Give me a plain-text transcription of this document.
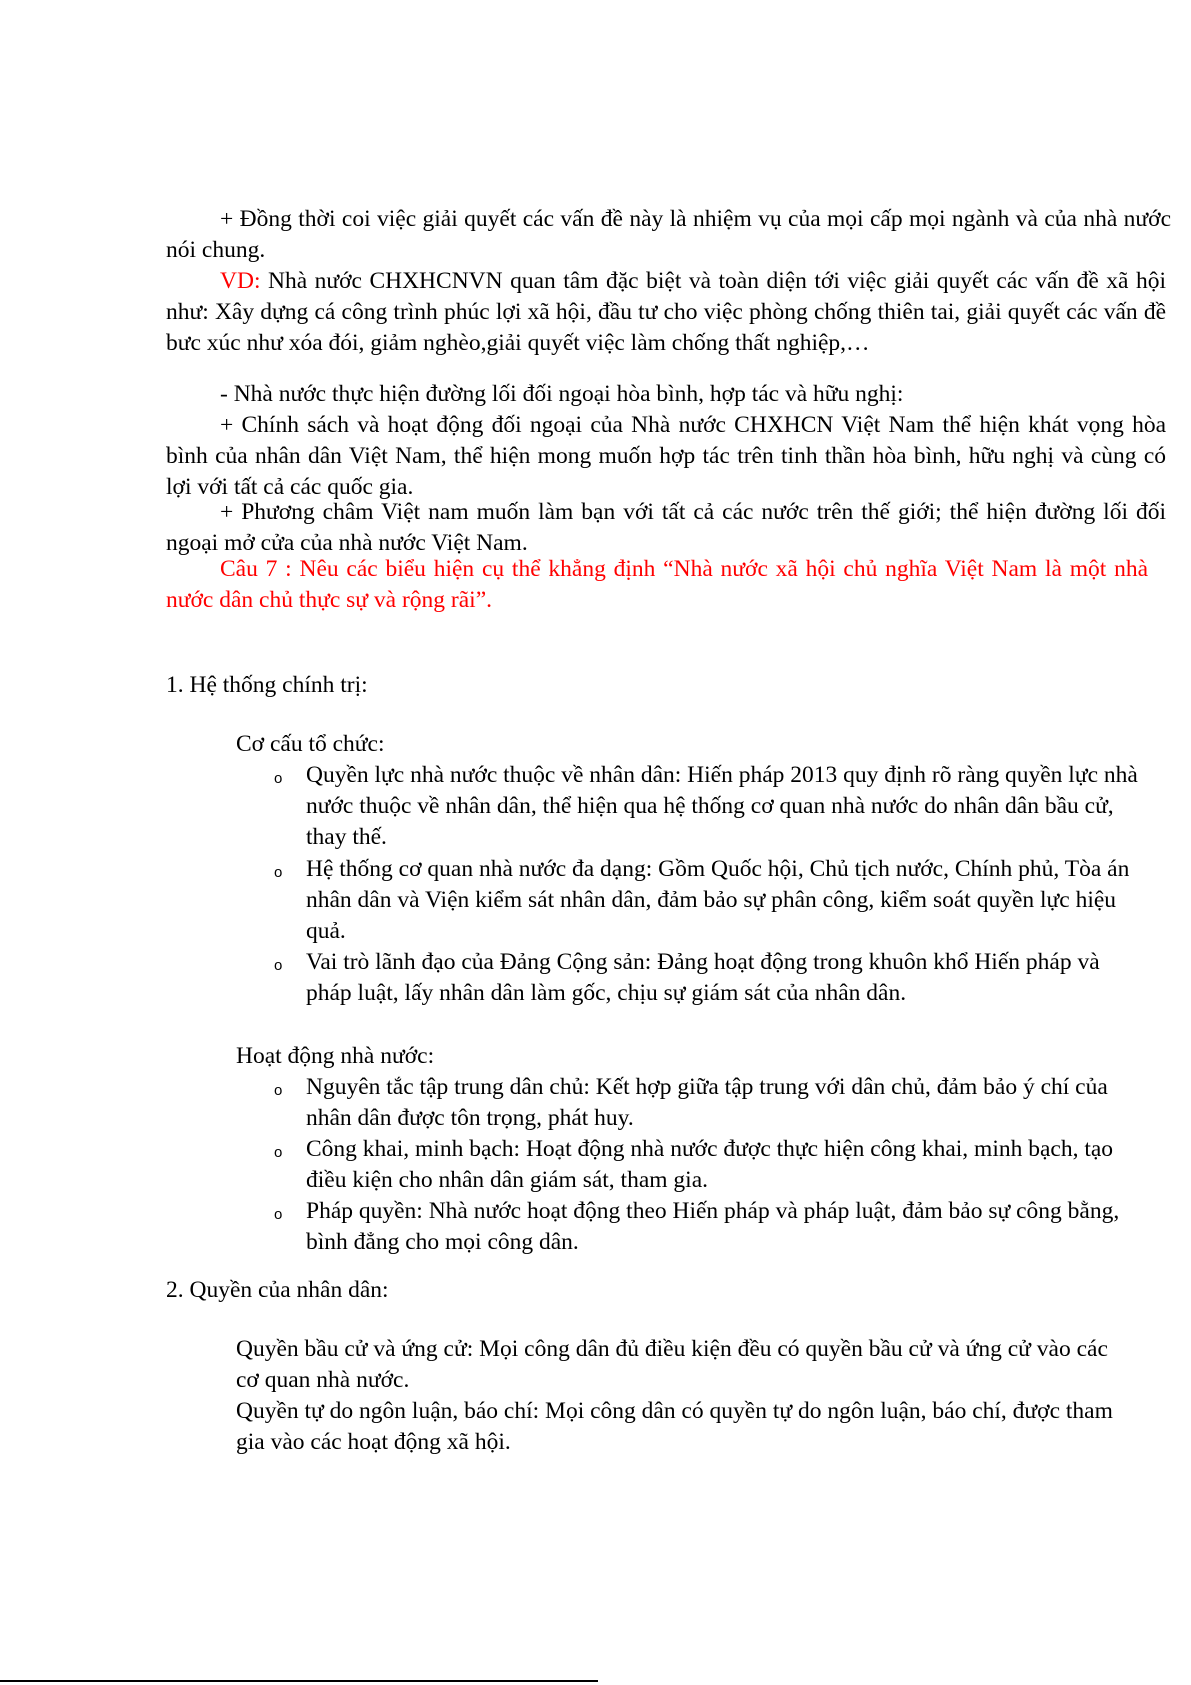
+ Đồng thời coi việc giải quyết các vấn đề này là nhiệm vụ của mọi cấp mọi ngành và của nhà nước nói chung.

VD: Nhà nước CHXHCNVN quan tâm đặc biệt và toàn diện tới việc giải quyết các vấn đề xã hội như: Xây dựng cá công trình phúc lợi xã hội, đầu tư cho việc phòng chống thiên tai, giải quyết các vấn đề bưc xúc như xóa đói, giảm nghèo,giải quyết việc làm chống thất nghiệp,…

- Nhà nước thực hiện đường lối đối ngoại hòa bình, hợp tác và hữu nghị:

+ Chính sách và hoạt động đối ngoại của Nhà nước CHXHCN Việt Nam thể hiện khát vọng hòa bình của nhân dân Việt Nam, thể hiện mong muốn hợp tác trên tinh thần hòa bình, hữu nghị và cùng có lợi với tất cả các quốc gia.

+ Phương châm Việt nam muốn làm bạn với tất cả các nước trên thế giới; thể hiện đường lối đối ngoại mở cửa của nhà nước Việt Nam.

Câu 7 : Nêu các biểu hiện cụ thể khẳng định “Nhà nước xã hội chủ nghĩa Việt Nam là một nhà nước dân chủ thực sự và rộng rãi”.

1. Hệ thống chính trị:

Cơ cấu tổ chức:

o Quyền lực nhà nước thuộc về nhân dân: Hiến pháp 2013 quy định rõ ràng quyền lực nhà nước thuộc về nhân dân, thể hiện qua hệ thống cơ quan nhà nước do nhân dân bầu cử, thay thế.

o Hệ thống cơ quan nhà nước đa dạng: Gồm Quốc hội, Chủ tịch nước, Chính phủ, Tòa án nhân dân và Viện kiểm sát nhân dân, đảm bảo sự phân công, kiểm soát quyền lực hiệu quả.

o Vai trò lãnh đạo của Đảng Cộng sản: Đảng hoạt động trong khuôn khổ Hiến pháp và pháp luật, lấy nhân dân làm gốc, chịu sự giám sát của nhân dân.

Hoạt động nhà nước:

o Nguyên tắc tập trung dân chủ: Kết hợp giữa tập trung với dân chủ, đảm bảo ý chí của nhân dân được tôn trọng, phát huy.

o Công khai, minh bạch: Hoạt động nhà nước được thực hiện công khai, minh bạch, tạo điều kiện cho nhân dân giám sát, tham gia.

o Pháp quyền: Nhà nước hoạt động theo Hiến pháp và pháp luật, đảm bảo sự công bằng, bình đẳng cho mọi công dân.

2. Quyền của nhân dân:

Quyền bầu cử và ứng cử: Mọi công dân đủ điều kiện đều có quyền bầu cử và ứng cử vào các cơ quan nhà nước.

Quyền tự do ngôn luận, báo chí: Mọi công dân có quyền tự do ngôn luận, báo chí, được tham gia vào các hoạt động xã hội.
